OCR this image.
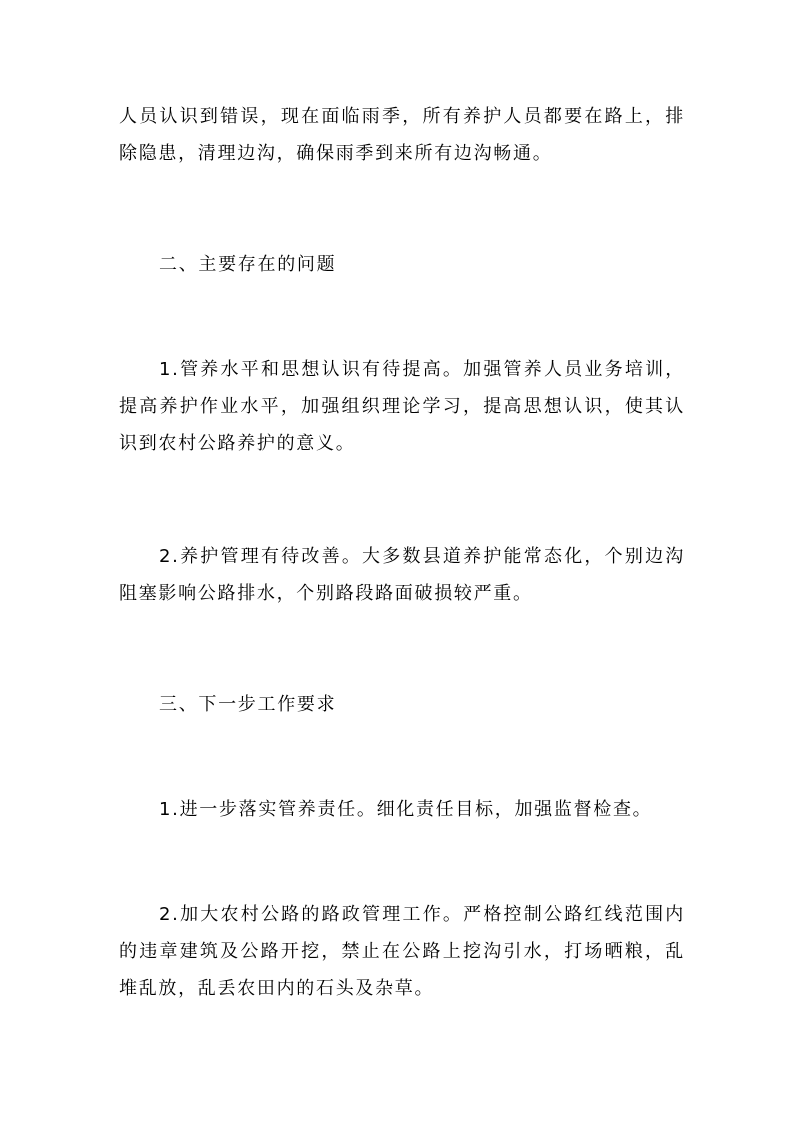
人员认识到错误，现在面临雨季，所有养护人员都要在路上，排除隐患，清理边沟，确保雨季到来所有边沟畅通。

二、主要存在的问题

1.管养水平和思想认识有待提高。加强管养人员业务培训，提高养护作业水平，加强组织理论学习，提高思想认识，使其认识到农村公路养护的意义。

2.养护管理有待改善。大多数县道养护能常态化，个别边沟阻塞影响公路排水，个别路段路面破损较严重。

三、下一步工作要求

1.进一步落实管养责任。细化责任目标，加强监督检查。

2.加大农村公路的路政管理工作。严格控制公路红线范围内的违章建筑及公路开挖，禁止在公路上挖沟引水，打场晒粮，乱堆乱放，乱丢农田内的石头及杂草。
